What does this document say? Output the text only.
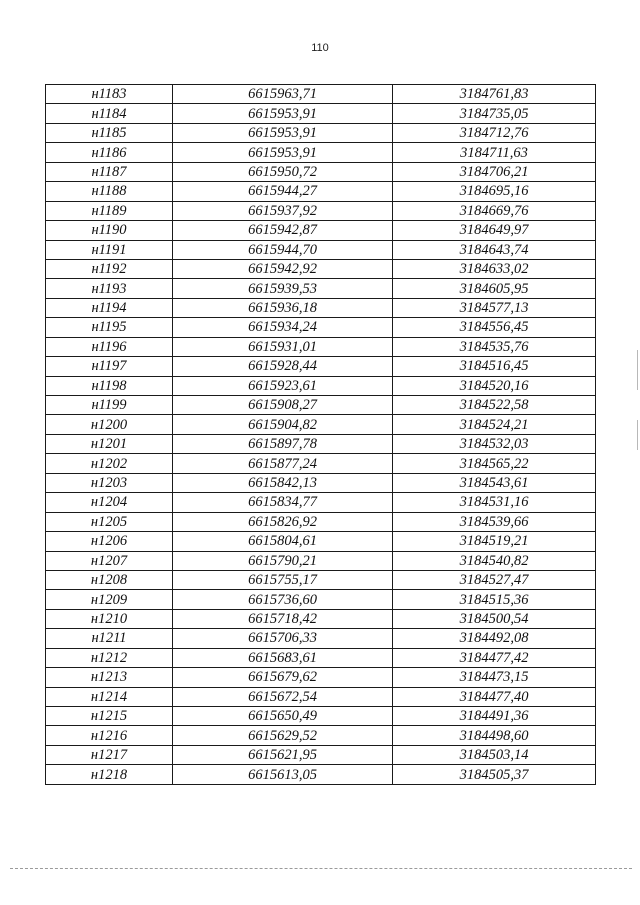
110
н1183	6615963,71	3184761,83
н1184	6615953,91	3184735,05
н1185	6615953,91	3184712,76
н1186	6615953,91	3184711,63
н1187	6615950,72	3184706,21
н1188	6615944,27	3184695,16
н1189	6615937,92	3184669,76
н1190	6615942,87	3184649,97
н1191	6615944,70	3184643,74
н1192	6615942,92	3184633,02
н1193	6615939,53	3184605,95
н1194	6615936,18	3184577,13
н1195	6615934,24	3184556,45
н1196	6615931,01	3184535,76
н1197	6615928,44	3184516,45
н1198	6615923,61	3184520,16
н1199	6615908,27	3184522,58
н1200	6615904,82	3184524,21
н1201	6615897,78	3184532,03
н1202	6615877,24	3184565,22
н1203	6615842,13	3184543,61
н1204	6615834,77	3184531,16
н1205	6615826,92	3184539,66
н1206	6615804,61	3184519,21
н1207	6615790,21	3184540,82
н1208	6615755,17	3184527,47
н1209	6615736,60	3184515,36
н1210	6615718,42	3184500,54
н1211	6615706,33	3184492,08
н1212	6615683,61	3184477,42
н1213	6615679,62	3184473,15
н1214	6615672,54	3184477,40
н1215	6615650,49	3184491,36
н1216	6615629,52	3184498,60
н1217	6615621,95	3184503,14
н1218	6615613,05	3184505,37
